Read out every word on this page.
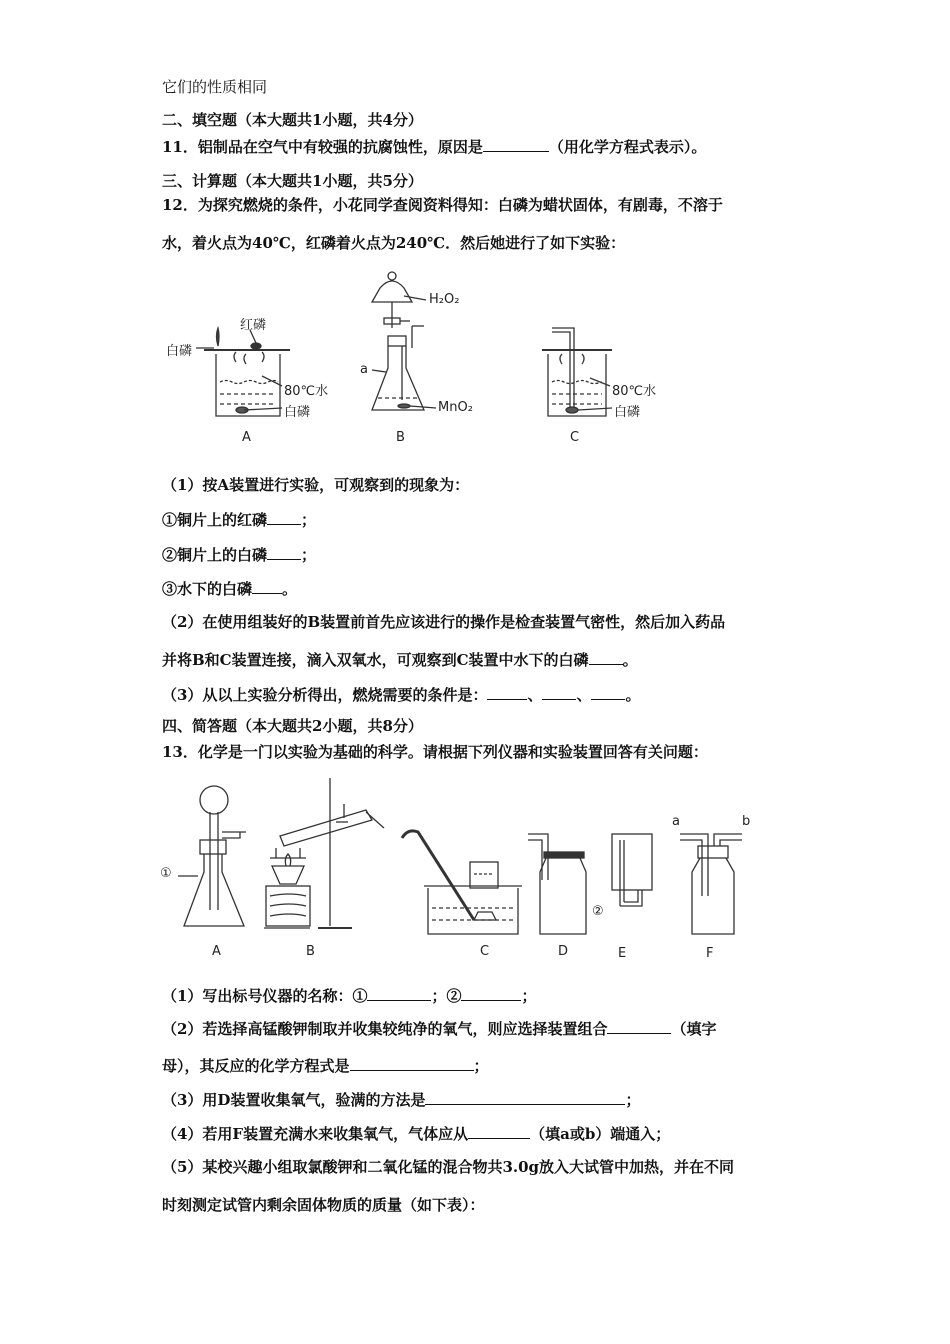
它们的性质相同
二、填空题（本大题共1小题，共4分）
11．铝制品在空气中有较强的抗腐蚀性，原因是	（用化学方程式表示）。
三、计算题（本大题共1小题，共5分）
12．为探究燃烧的条件，小花同学查阅资料得知：白磷为蜡状固体，有剧毒，不溶于
水，着火点为40℃，红磷着火点为240℃．然后她进行了如下实验：
红磷
白磷
80℃水
白磷
H₂O₂
a
MnO₂
80℃水
白磷
A	B	C
（1）按A装置进行实验，可观察到的现象为：
①铜片上的红磷 ；
②铜片上的白磷 ；
③水下的白磷 。
（2）在使用组装好的B装置前首先应该进行的操作是检查装置气密性，然后加入药品
并将B和C装置连接，滴入双氧水，可观察到C装置中水下的白磷 。
（3）从以上实验分析得出，燃烧需要的条件是：	、 、 。
四、简答题（本大题共2小题，共8分）
13．化学是一门以实验为基础的科学。请根据下列仪器和实验装置回答有关问题：
①
②
a	b
A	B	C	D	E	F
（1）写出标号仪器的名称：①	；②	；
（2）若选择高锰酸钾制取并收集较纯净的氧气，则应选择装置组合	（填字
母），其反应的化学方程式是	；
（3）用D装置收集氧气，验满的方法是	；
（4）若用F装置充满水来收集氧气，气体应从	（填a或b）端通入；
（5）某校兴趣小组取氯酸钾和二氧化锰的混合物共3.0g放入大试管中加热，并在不同
时刻测定试管内剩余固体物质的质量（如下表）：
